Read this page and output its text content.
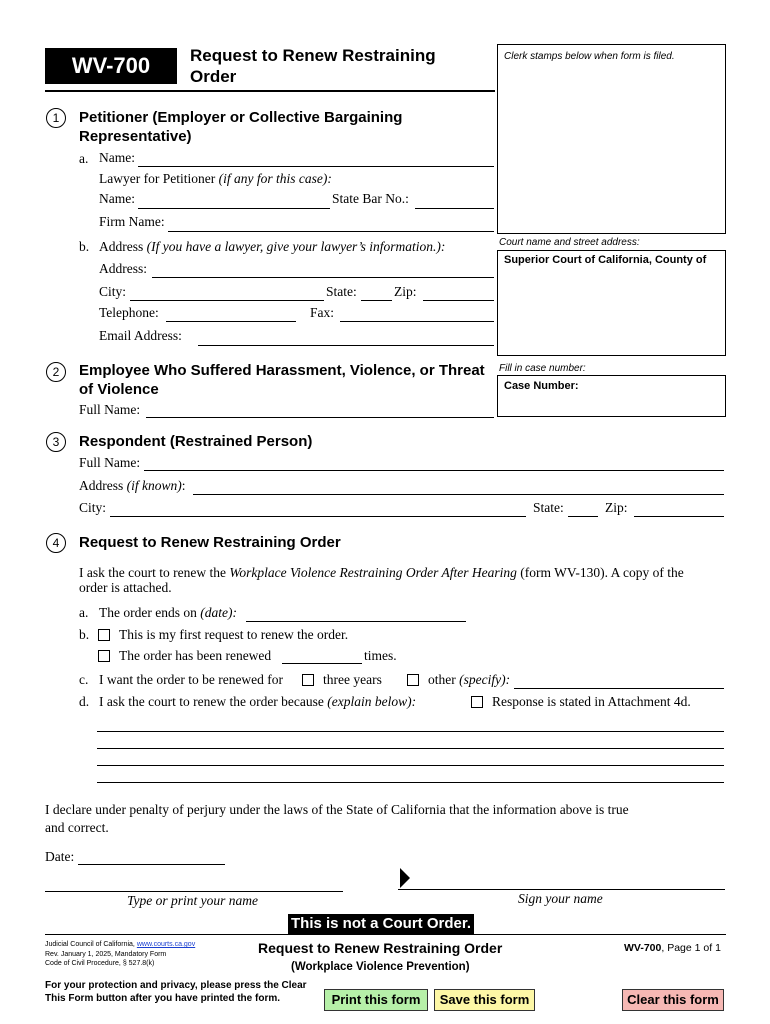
WV-700	Request to Renew Restraining Order
Clerk stamps below when form is filed.
Court name and street address:
Superior Court of California, County of
Fill in case number:
Case Number:
1	Petitioner (Employer or Collective Bargaining Representative)
a. Name:
Lawyer for Petitioner (if any for this case):
Name:	State Bar No.:
Firm Name:
b. Address (If you have a lawyer, give your lawyer’s information.):
Address:
City:	State:	Zip:
Telephone:	Fax:
Email Address:
2	Employee Who Suffered Harassment, Violence, or Threat of Violence
Full Name:
3	Respondent (Restrained Person)
Full Name:
Address (if known):
City:	State:	Zip:
4	Request to Renew Restraining Order
I ask the court to renew the Workplace Violence Restraining Order After Hearing (form WV-130). A copy of the
order is attached.
a. The order ends on (date):
b. This is my first request to renew the order.
The order has been renewed	times.
c. I want the order to be renewed for	three years	other (specify):
d. I ask the court to renew the order because (explain below):	Response is stated in Attachment 4d.
I declare under penalty of perjury under the laws of the State of California that the information above is true
and correct.
Date:
Type or print your name	Sign your name
This is not a Court Order.
Judicial Council of California, www.courts.ca.gov
Rev. January 1, 2025, Mandatory Form
Code of Civil Procedure, § 527.8(k)
Request to Renew Restraining Order
(Workplace Violence Prevention)
WV-700, Page 1 of 1
For your protection and privacy, please press the Clear
This Form button after you have printed the form.	Print this form	Save this form	Clear this form
